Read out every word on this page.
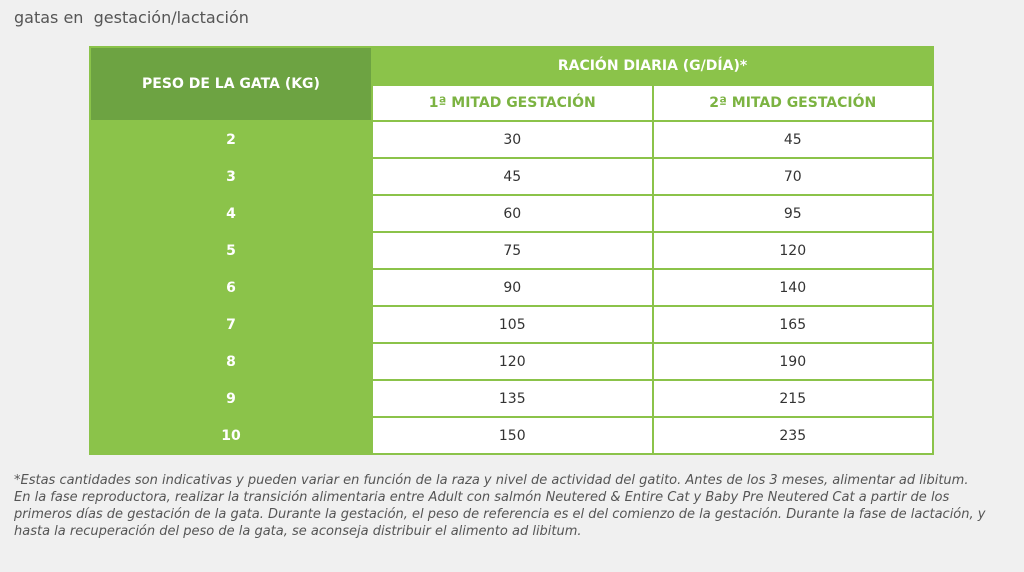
gatas en  gestación/lactación
PESO DE LA GATA (KG)	RACIÓN DIARIA (G/DÍA)*	
	1ª MITAD GESTACIÓN	2ª MITAD GESTACIÓN
2	30	45
3	45	70
4	60	95
5	75	120
6	90	140
7	105	165
8	120	190
9	135	215
10	150	235

*Estas cantidades son indicativas y pueden variar en función de la raza y nivel de actividad del gatito. Antes de los 3 meses, alimentar ad libitum.

En la fase reproductora, realizar la transición alimentaria entre Adult con salmón Neutered & Entire Cat y Baby Pre Neutered Cat a partir de los primeros días de gestación de la gata. Durante la gestación, el peso de referencia es el del comienzo de la gestación. Durante la fase de lactación, y hasta la recuperación del peso de la gata, se aconseja distribuir el alimento ad libitum.
